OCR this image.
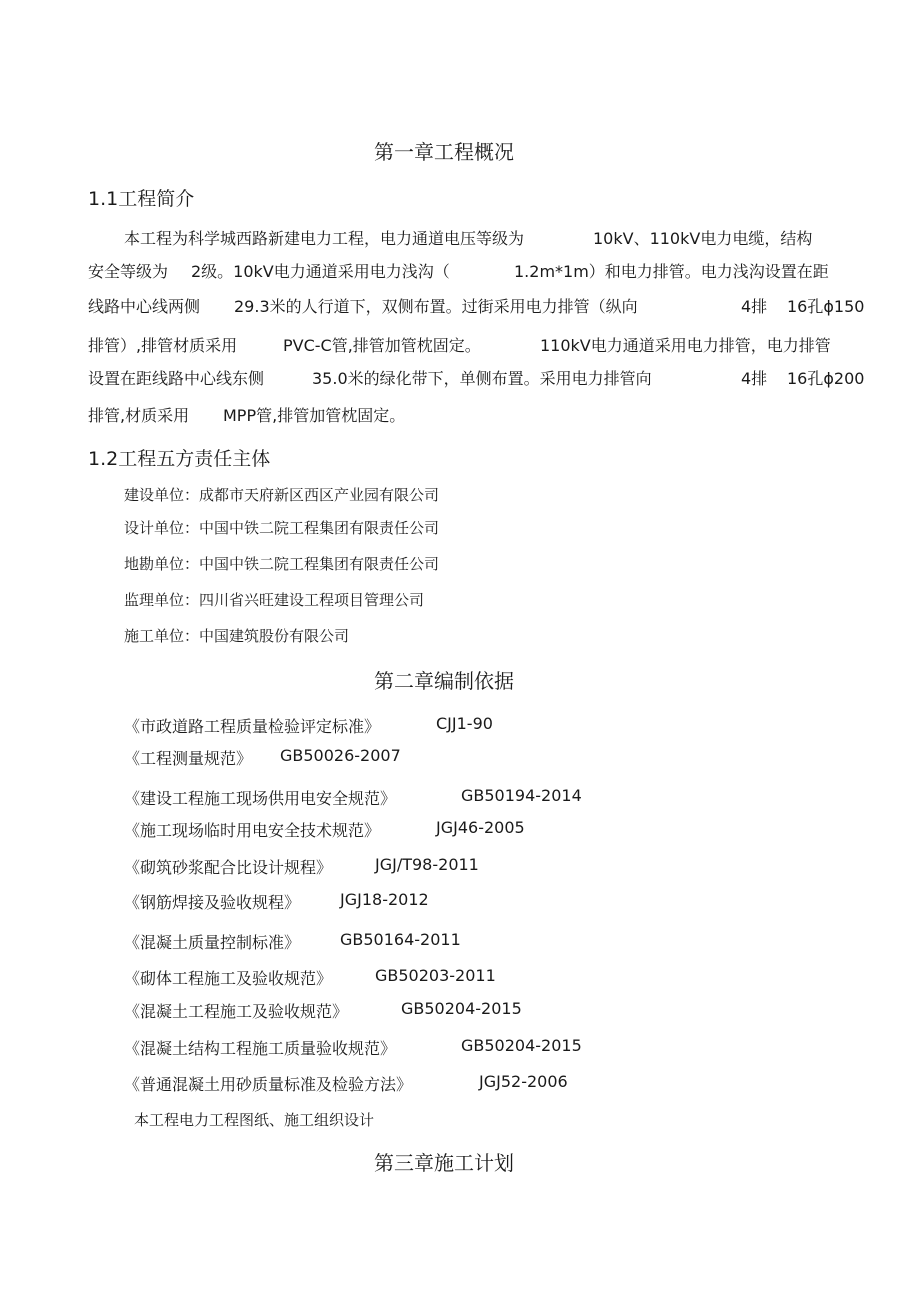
第一章工程概况
1.1工程简介
本工程为科学城西路新建电力工程，电力通道电压等级为	10kV、110kV电力电缆，结构
安全等级为 2级。10kV电力通道采用电力浅沟（	1.2m*1m）和电力排管。电力浅沟设置在距
线路中心线两侧 29.3米的人行道下，双侧布置。过街采用电力排管（纵向	4排 16孔ϕ150
排管）,排管材质采用	PVC-C管,排管加管枕固定。	110kV电力通道采用电力排管，电力排管
设置在距线路中心线东侧	35.0米的绿化带下，单侧布置。采用电力排管向	4排 16孔ϕ200
排管,材质采用 MPP管,排管加管枕固定。
1.2工程五方责任主体
建设单位：成都市天府新区西区产业园有限公司
设计单位：中国中铁二院工程集团有限责任公司
地勘单位：中国中铁二院工程集团有限责任公司
监理单位：四川省兴旺建设工程项目管理公司
施工单位：中国建筑股份有限公司
第二章编制依据
《市政道路工程质量检验评定标准》	CJJ1-90
《工程测量规范》 GB50026-2007
《建设工程施工现场供用电安全规范》	GB50194-2014
《施工现场临时用电安全技术规范》	JGJ46-2005
《砌筑砂浆配合比设计规程》	JGJ/T98-2011
《钢筋焊接及验收规程》 JGJ18-2012
《混凝土质量控制标准》 GB50164-2011
《砌体工程施工及验收规范》	GB50203-2011
《混凝土工程施工及验收规范》	GB50204-2015
《混凝土结构工程施工质量验收规范》	GB50204-2015
《普通混凝土用砂质量标准及检验方法》	JGJ52-2006
本工程电力工程图纸、施工组织设计
第三章施工计划
